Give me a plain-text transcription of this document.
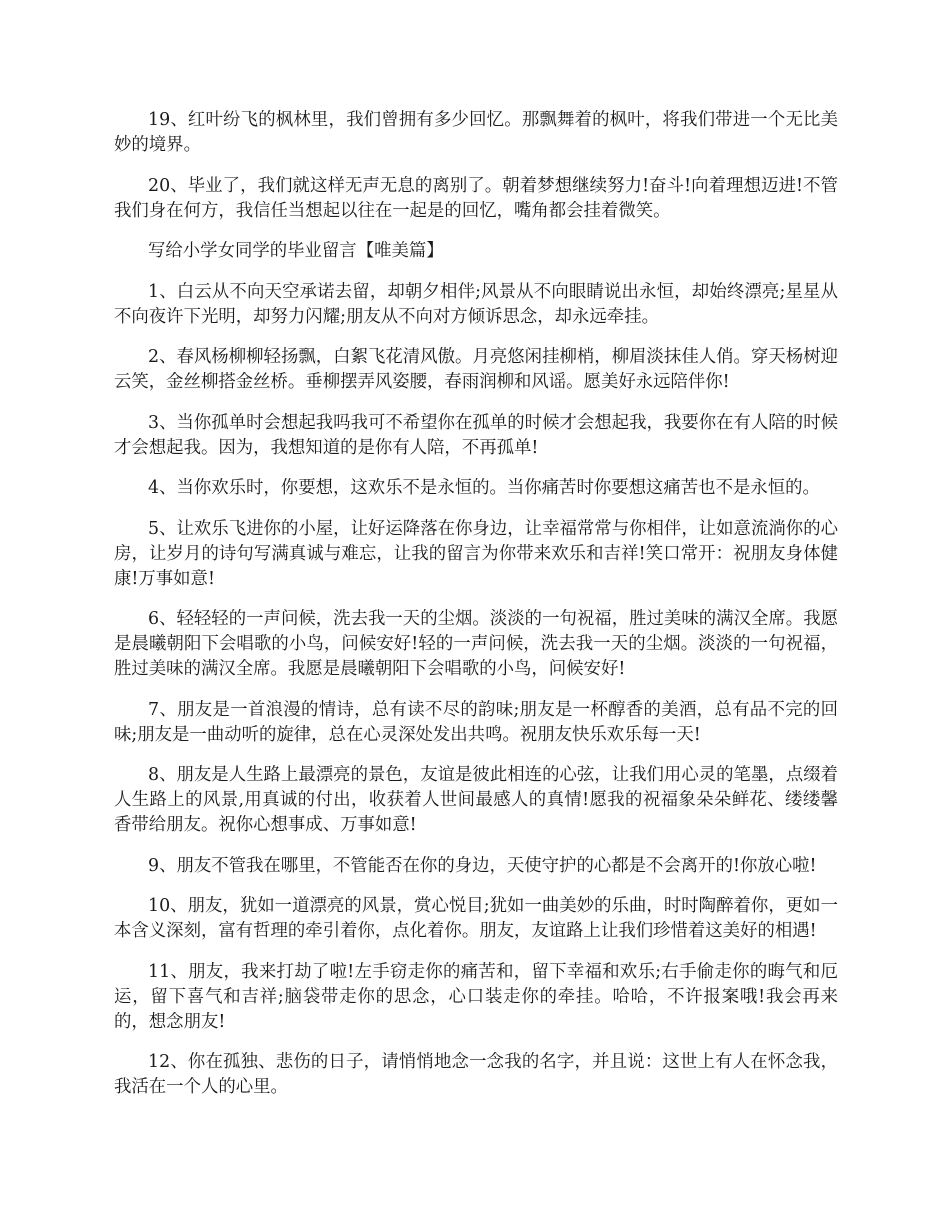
19、红叶纷飞的枫林里，我们曾拥有多少回忆。那飘舞着的枫叶，将我们带进一个无比美妙的境界。

20、毕业了，我们就这样无声无息的离别了。朝着梦想继续努力!奋斗!向着理想迈进!不管我们身在何方，我信任当想起以往在一起是的回忆，嘴角都会挂着微笑。

写给小学女同学的毕业留言【唯美篇】

1、白云从不向天空承诺去留，却朝夕相伴;风景从不向眼睛说出永恒，却始终漂亮;星星从不向夜许下光明，却努力闪耀;朋友从不向对方倾诉思念，却永远牵挂。

2、春风杨柳柳轻扬飘，白絮飞花清风傲。月亮悠闲挂柳梢，柳眉淡抹佳人俏。穿天杨树迎云笑，金丝柳搭金丝桥。垂柳摆弄风姿腰，春雨润柳和风谣。愿美好永远陪伴你!

3、当你孤单时会想起我吗我可不希望你在孤单的时候才会想起我，我要你在有人陪的时候才会想起我。因为，我想知道的是你有人陪，不再孤单!

4、当你欢乐时，你要想，这欢乐不是永恒的。当你痛苦时你要想这痛苦也不是永恒的。

5、让欢乐飞进你的小屋，让好运降落在你身边，让幸福常常与你相伴，让如意流淌你的心房，让岁月的诗句写满真诚与难忘，让我的留言为你带来欢乐和吉祥!笑口常开：祝朋友身体健康!万事如意!

6、轻轻轻的一声问候，洗去我一天的尘烟。淡淡的一句祝福，胜过美味的满汉全席。我愿是晨曦朝阳下会唱歌的小鸟，问候安好!轻的一声问候，洗去我一天的尘烟。淡淡的一句祝福，胜过美味的满汉全席。我愿是晨曦朝阳下会唱歌的小鸟，问候安好!

7、朋友是一首浪漫的情诗，总有读不尽的韵味;朋友是一杯醇香的美酒，总有品不完的回味;朋友是一曲动听的旋律，总在心灵深处发出共鸣。祝朋友快乐欢乐每一天!

8、朋友是人生路上最漂亮的景色，友谊是彼此相连的心弦，让我们用心灵的笔墨，点缀着人生路上的风景,用真诚的付出，收获着人世间最感人的真情!愿我的祝福象朵朵鲜花、缕缕馨香带给朋友。祝你心想事成、万事如意!

9、朋友不管我在哪里，不管能否在你的身边，天使守护的心都是不会离开的!你放心啦!

10、朋友，犹如一道漂亮的风景，赏心悦目;犹如一曲美妙的乐曲，时时陶醉着你，更如一本含义深刻，富有哲理的牵引着你，点化着你。朋友，友谊路上让我们珍惜着这美好的相遇!

11、朋友，我来打劫了啦!左手窃走你的痛苦和，留下幸福和欢乐;右手偷走你的晦气和厄运，留下喜气和吉祥;脑袋带走你的思念，心口装走你的牵挂。哈哈，不许报案哦!我会再来的，想念朋友!

12、你在孤独、悲伤的日子，请悄悄地念一念我的名字，并且说：这世上有人在怀念我，我活在一个人的心里。
